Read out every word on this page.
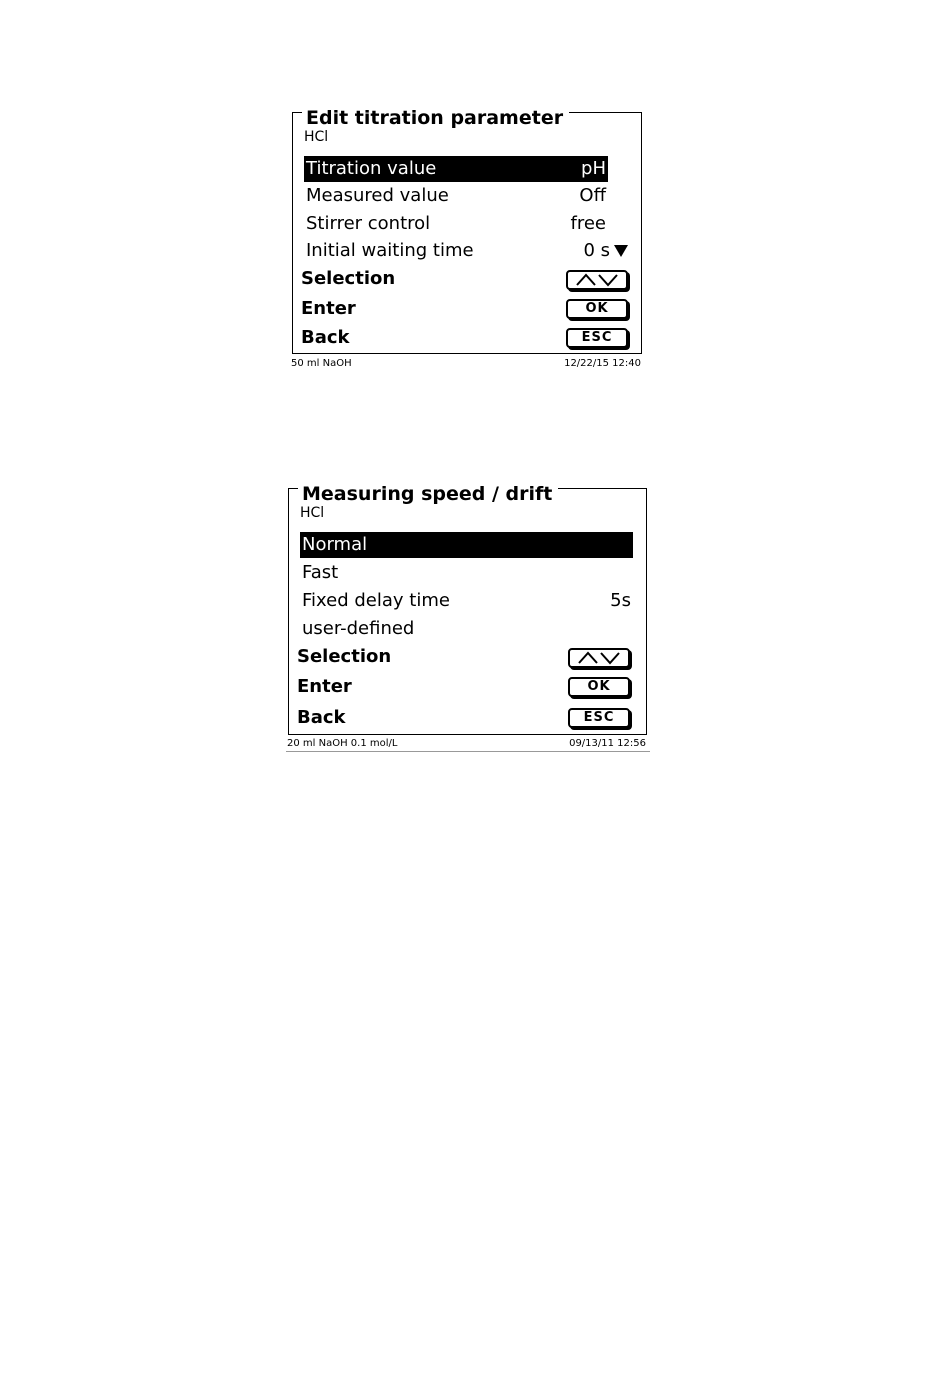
Edit titration parameter
HCl
Titration value	pH
Measured value	Off
Stirrer control	free
Initial waiting time	0 s
Selection
Enter	OK
Back	ESC
50 ml NaOH	12/22/15 12:40
Measuring speed / drift
HCl
Normal
Fast
Fixed delay time	5s
user-defined
Selection
Enter	OK
Back	ESC
20 ml NaOH 0.1 mol/L	09/13/11 12:56
